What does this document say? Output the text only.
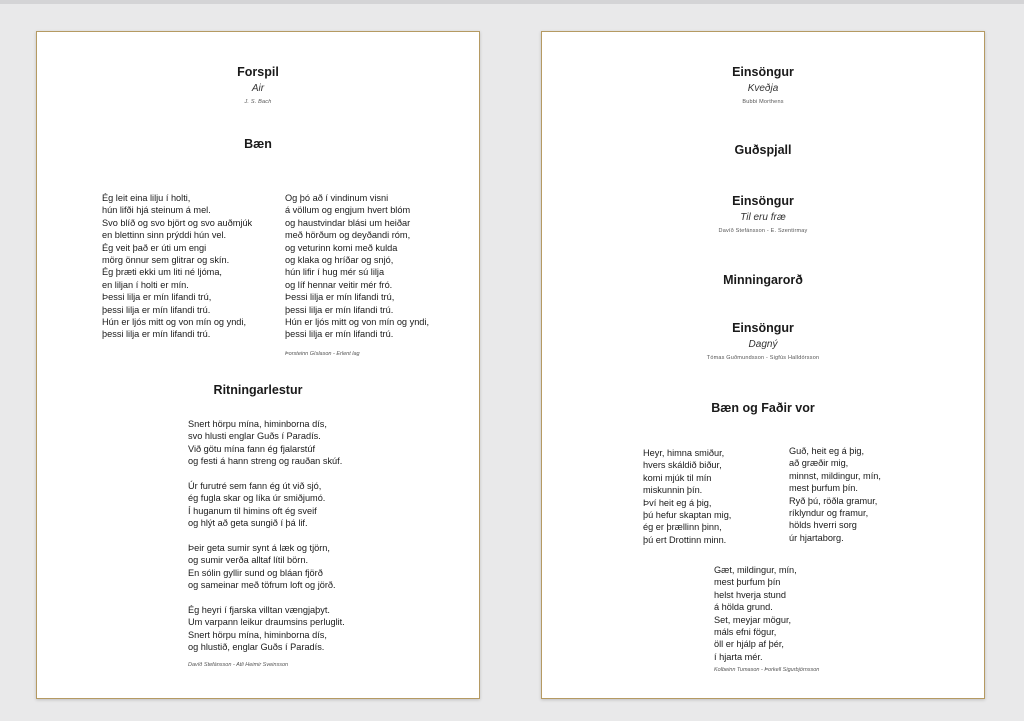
Forspil
Air
J. S. Bach
Bæn
Ég leit eina lilju í holti,
hún lifði hjá steinum á mel.
Svo blíð og svo björt og svo auðmjúk
en blettinn sinn prýddi hún vel.
Ég veit það er úti um engi
mörg önnur sem glitrar og skín.
Ég þræti ekki um liti né ljóma,
en liljan í holti er mín.
Þessi lilja er mín lifandi trú,
þessi lilja er mín lifandi trú.
Hún er ljós mitt og von mín og yndi,
þessi lilja er mín lifandi trú.
Og þó að í vindinum visni
á völlum og engjum hvert blóm
og haustvindar blási um heiðar
með hörðum og deyðandi róm,
og veturinn komi með kulda
og klaka og hríðar og snjó,
hún lifir í hug mér sú lilja
og líf hennar veitir mér fró.
Þessi lilja er mín lifandi trú,
þessi lilja er mín lifandi trú.
Hún er ljós mitt og von mín og yndi,
þessi lilja er mín lifandi trú.
Þorsteinn Gíslason - Erlent lag
Ritningarlestur
Snert hörpu mína, himinborna dís,
svo hlusti englar Guðs í Paradís.
Við götu mína fann ég fjalarstúf
og festi á hann streng og rauðan skúf.
Úr furutré sem fann ég út við sjó,
ég fugla skar og líka úr smiðjumó.
Í huganum til himins oft ég sveif
og hlýt að geta sungið í þá lif.
Þeir geta sumir synt á læk og tjörn,
og sumir verða alltaf lítil börn.
En sólin gyllir sund og bláan fjörð
og sameinar með töfrum loft og jörð.
Ég heyri í fjarska villtan vængjaþyt.
Um varpann leikur draumsins perluglit.
Snert hörpu mína, himinborna dís,
og hlustið, englar Guðs í Paradís.
Davíð Stefánsson - Atli Heimir Sveinsson
Einsöngur
Kveðja
Bubbi Morthens
Guðspjall
Einsöngur
Til eru fræ
Davíð Stefánsson - E. Szentirmay
Minningarorð
Einsöngur
Dagný
Tómas Guðmundsson - Sigfús Halldórsson
Bæn og Faðir vor
Heyr, himna smiður,
hvers skáldið biður,
komi mjúk til mín
miskunnin þín.
Því heit eg á þig,
þú hefur skaptan mig,
ég er þrællinn þinn,
þú ert Drottinn minn.
Guð, heit eg á þig,
að græðir mig,
minnst, mildingur, mín,
mest þurfum þín.
Ryð þú, röðla gramur,
ríklyndur og framur,
hölds hverri sorg
úr hjartaborg.
Gæt, mildingur, mín,
mest þurfum þín
helst hverja stund
á hölda grund.
Set, meyjar mögur,
máls efni fögur,
öll er hjálp af þér,
í hjarta mér.
Kolbeinn Tumason - Þorkell Sigurbjörnsson
